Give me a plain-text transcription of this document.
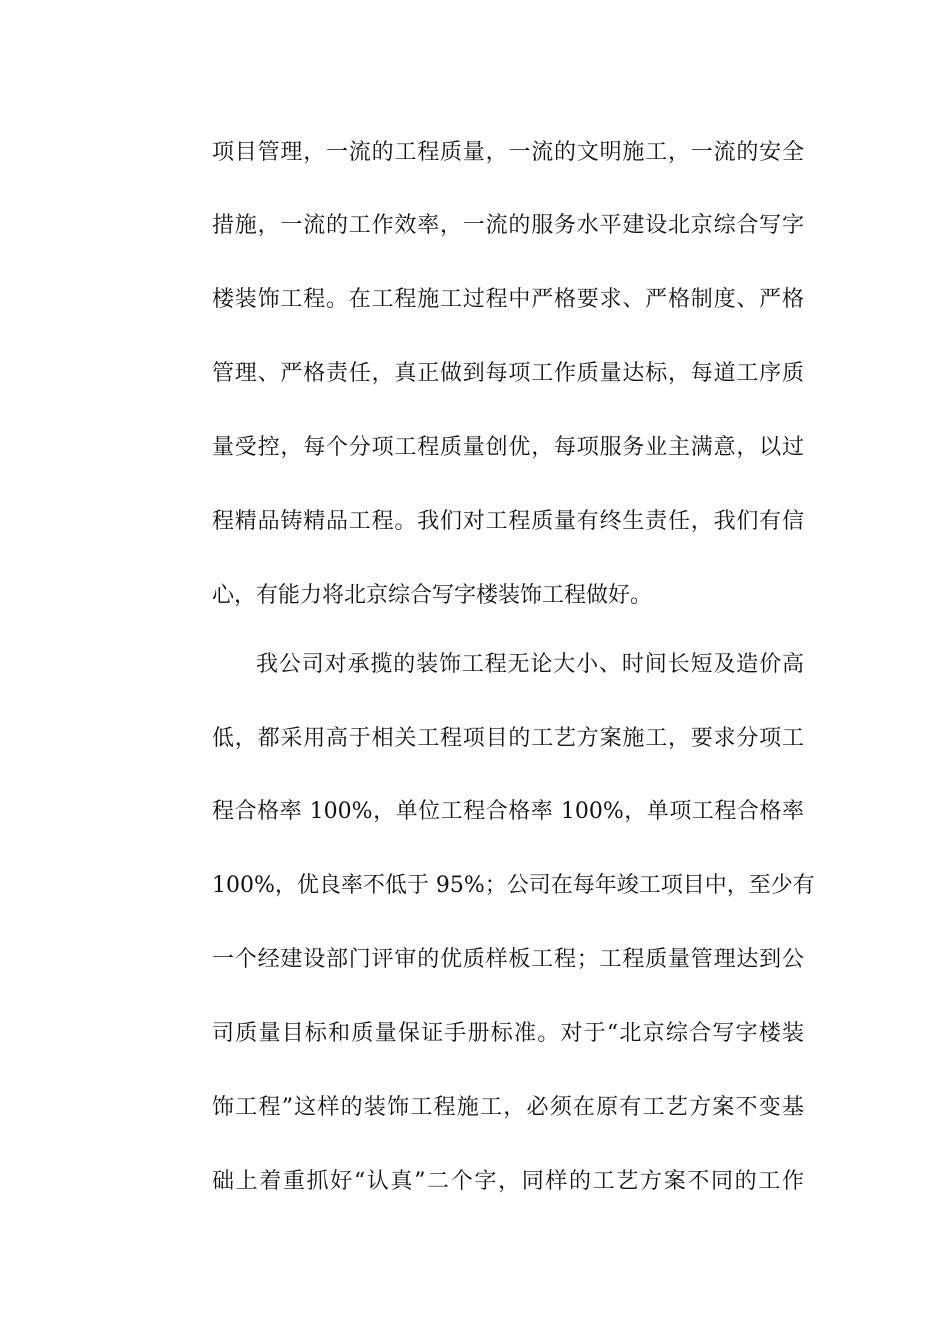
项目管理，一流的工程质量，一流的文明施工，一流的安全
措施，一流的工作效率，一流的服务水平建设北京综合写字
楼装饰工程。在工程施工过程中严格要求、严格制度、严格
管理、严格责任，真正做到每项工作质量达标，每道工序质
量受控，每个分项工程质量创优，每项服务业主满意，以过
程精品铸精品工程。我们对工程质量有终生责任，我们有信
心，有能力将北京综合写字楼装饰工程做好。
我公司对承揽的装饰工程无论大小、时间长短及造价高
低，都采用高于相关工程项目的工艺方案施工，要求分项工
程合格率 100%，单位工程合格率 100%，单项工程合格率
100%，优良率不低于 95%；公司在每年竣工项目中，至少有
一个经建设部门评审的优质样板工程；工程质量管理达到公
司质量目标和质量保证手册标准。对于“北京综合写字楼装
饰工程”这样的装饰工程施工，必须在原有工艺方案不变基
础上着重抓好“认真”二个字，同样的工艺方案不同的工作
